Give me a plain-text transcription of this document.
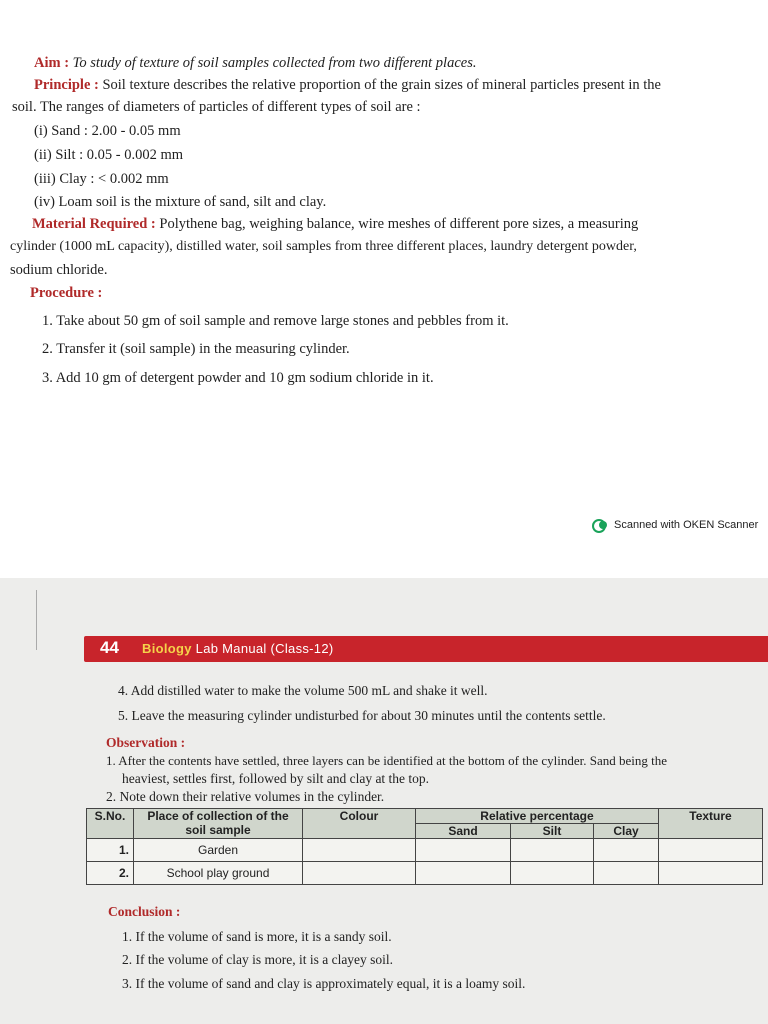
Aim : To study of texture of soil samples collected from two different places.
Principle : Soil texture describes the relative proportion of the grain sizes of mineral particles present in the
soil. The ranges of diameters of particles of different types of soil are :
(i) Sand : 2.00 - 0.05 mm
(ii) Silt : 0.05 - 0.002 mm
(iii) Clay : < 0.002 mm
(iv) Loam soil is the mixture of sand, silt and clay.
Material Required : Polythene bag, weighing balance, wire meshes of different pore sizes, a measuring
cylinder (1000 mL capacity), distilled water, soil samples from three different places, laundry detergent powder,
sodium chloride.
Procedure :
1. Take about 50 gm of soil sample and remove large stones and pebbles from it.
2. Transfer it (soil sample) in the measuring cylinder.
3. Add 10 gm of detergent powder and 10 gm sodium chloride in it.
Scanned with OKEN Scanner
44 Biology Lab Manual (Class-12)
4. Add distilled water to make the volume 500 mL and shake it well.
5. Leave the measuring cylinder undisturbed for about 30 minutes until the contents settle.
Observation :
1. After the contents have settled, three layers can be identified at the bottom of the cylinder. Sand being the
heaviest, settles first, followed by silt and clay at the top.
2. Note down their relative volumes in the cylinder.
S.No.	Place of collection of the soil sample	Colour	Relative percentage			Texture
			Sand	Silt	Clay	
1.	Garden					
2.	School play ground					
Conclusion :
1. If the volume of sand is more, it is a sandy soil.
2. If the volume of clay is more, it is a clayey soil.
3. If the volume of sand and clay is approximately equal, it is a loamy soil.
